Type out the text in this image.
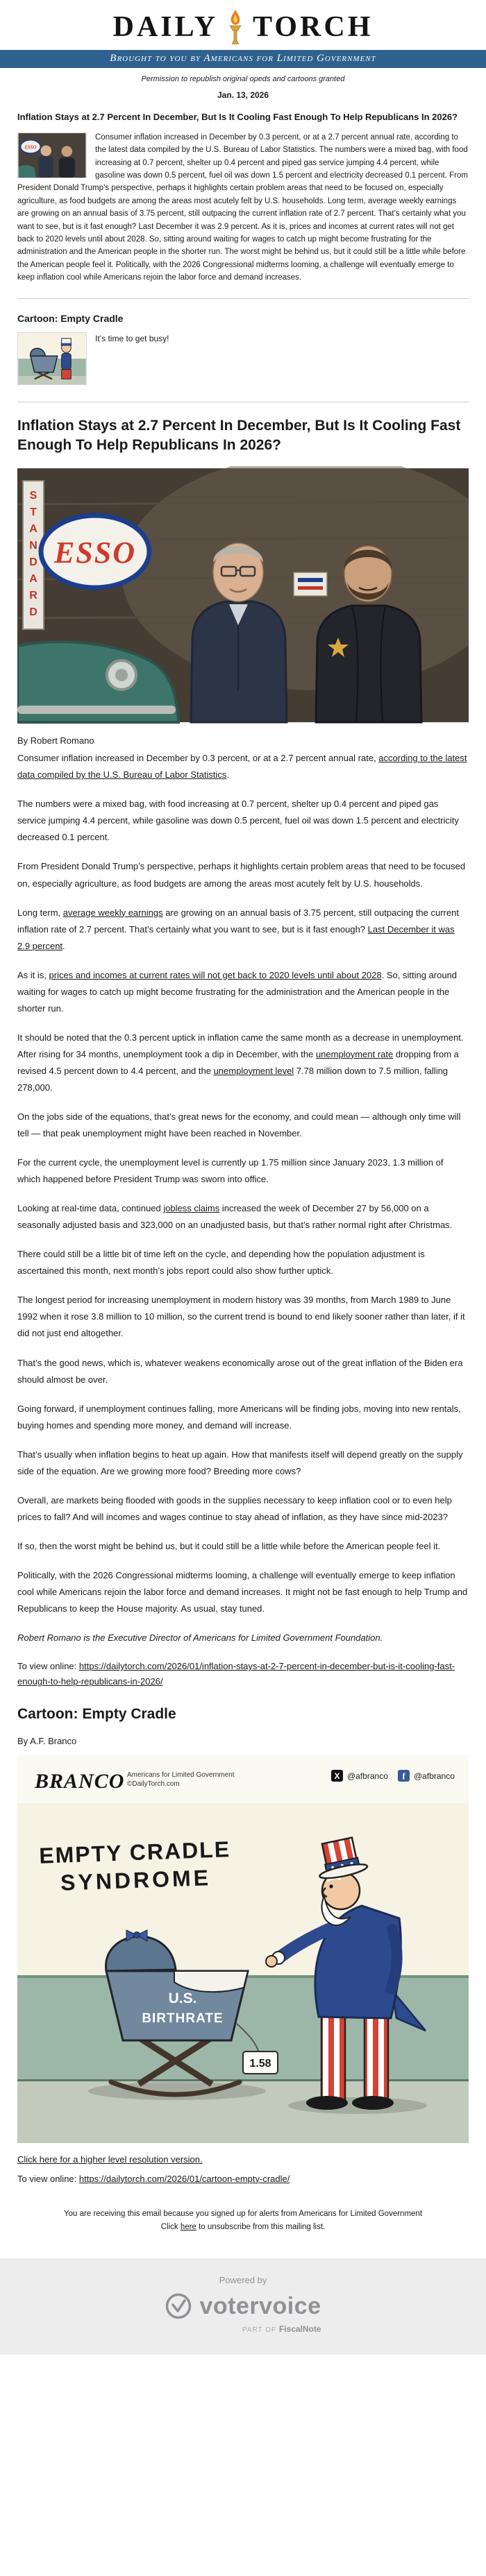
DAILY TORCH
Brought to you by Americans for Limited Government
Permission to republish original opeds and cartoons granted
Jan. 13, 2026
Inflation Stays at 2.7 Percent In December, But Is It Cooling Fast Enough To Help Republicans In 2026?
ESSO
Consumer inflation increased in December by 0.3 percent, or at a 2.7 percent annual rate, according to the latest data compiled by the U.S. Bureau of Labor Statistics. The numbers were a mixed bag, with food increasing at 0.7 percent, shelter up 0.4 percent and piped gas service jumping 4.4 percent, while gasoline was down 0.5 percent, fuel oil was down 1.5 percent and electricity decreased 0.1 percent. From President Donald Trump’s perspective, perhaps it highlights certain problem areas that need to be focused on, especially agriculture, as food budgets are among the areas most acutely felt by U.S. households. Long term, average weekly earnings are growing on an annual basis of 3.75 percent, still outpacing the current inflation rate of 2.7 percent. That’s certainly what you want to see, but is it fast enough? Last December it was 2.9 percent. As it is, prices and incomes at current rates will not get back to 2020 levels until about 2028. So, sitting around waiting for wages to catch up might become frustrating for the administration and the American people in the shorter run. The worst might be behind us, but it could still be a little while before the American people feel it. Politically, with the 2026 Congressional midterms looming, a challenge will eventually emerge to keep inflation cool while Americans rejoin the labor force and demand increases.
Cartoon: Empty Cradle
It’s time to get busy!
Inflation Stays at 2.7 Percent In December, But Is It Cooling Fast Enough To Help Republicans In 2026?
S T A N D A R D
ESSO
By Robert Romano

Consumer inflation increased in December by 0.3 percent, or at a 2.7 percent annual rate, according to the latest data compiled by the U.S. Bureau of Labor Statistics.

The numbers were a mixed bag, with food increasing at 0.7 percent, shelter up 0.4 percent and piped gas service jumping 4.4 percent, while gasoline was down 0.5 percent, fuel oil was down 1.5 percent and electricity decreased 0.1 percent.

From President Donald Trump’s perspective, perhaps it highlights certain problem areas that need to be focused on, especially agriculture, as food budgets are among the areas most acutely felt by U.S. households.

Long term, average weekly earnings are growing on an annual basis of 3.75 percent, still outpacing the current inflation rate of 2.7 percent. That’s certainly what you want to see, but is it fast enough? Last December it was 2.9 percent.

As it is, prices and incomes at current rates will not get back to 2020 levels until about 2028. So, sitting around waiting for wages to catch up might become frustrating for the administration and the American people in the shorter run.

It should be noted that the 0.3 percent uptick in inflation came the same month as a decrease in unemployment. After rising for 34 months, unemployment took a dip in December, with the unemployment rate dropping from a revised 4.5 percent down to 4.4 percent, and the unemployment level 7.78 million down to 7.5 million, falling 278,000.

On the jobs side of the equations, that’s great news for the economy, and could mean — although only time will tell — that peak unemployment might have been reached in November.

For the current cycle, the unemployment level is currently up 1.75 million since January 2023, 1.3 million of which happened before President Trump was sworn into office.

Looking at real-time data, continued jobless claims increased the week of December 27 by 56,000 on a seasonally adjusted basis and 323,000 on an unadjusted basis, but that’s rather normal right after Christmas.

There could still be a little bit of time left on the cycle, and depending how the population adjustment is ascertained this month, next month’s jobs report could also show further uptick.

The longest period for increasing unemployment in modern history was 39 months, from March 1989 to June 1992 when it rose 3.8 million to 10 million, so the current trend is bound to end likely sooner rather than later, if it did not just end altogether.

That’s the good news, which is, whatever weakens economically arose out of the great inflation of the Biden era should almost be over.

Going forward, if unemployment continues falling, more Americans will be finding jobs, moving into new rentals, buying homes and spending more money, and demand will increase.

That’s usually when inflation begins to heat up again. How that manifests itself will depend greatly on the supply side of the equation. Are we growing more food? Breeding more cows?

Overall, are markets being flooded with goods in the supplies necessary to keep inflation cool or to even help prices to fall? And will incomes and wages continue to stay ahead of inflation, as they have since mid-2023?

If so, then the worst might be behind us, but it could still be a little while before the American people feel it.

Politically, with the 2026 Congressional midterms looming, a challenge will eventually emerge to keep inflation cool while Americans rejoin the labor force and demand increases. It might not be fast enough to help Trump and Republicans to keep the House majority. As usual, stay tuned.

Robert Romano is the Executive Director of Americans for Limited Government Foundation.

To view online: https://dailytorch.com/2026/01/inflation-stays-at-2-7-percent-in-december-but-is-it-cooling-fast-enough-to-help-republicans-in-2026/

Cartoon: Empty Cradle
By A.F. Branco
BRANCO Americans for Limited Government
©DailyTorch.com
X @afbranco f @afbranco
EMPTY CRADLE
SYNDROME
U.S.
BIRTHRATE
1.58

Click here for a higher level resolution version.

To view online: https://dailytorch.com/2026/01/cartoon-empty-cradle/

You are receiving this email because you signed up for alerts from Americans for Limited Government
Click here to unsubscribe from this mailing list.
Powered by
votervoice
PART OF FiscalNote
